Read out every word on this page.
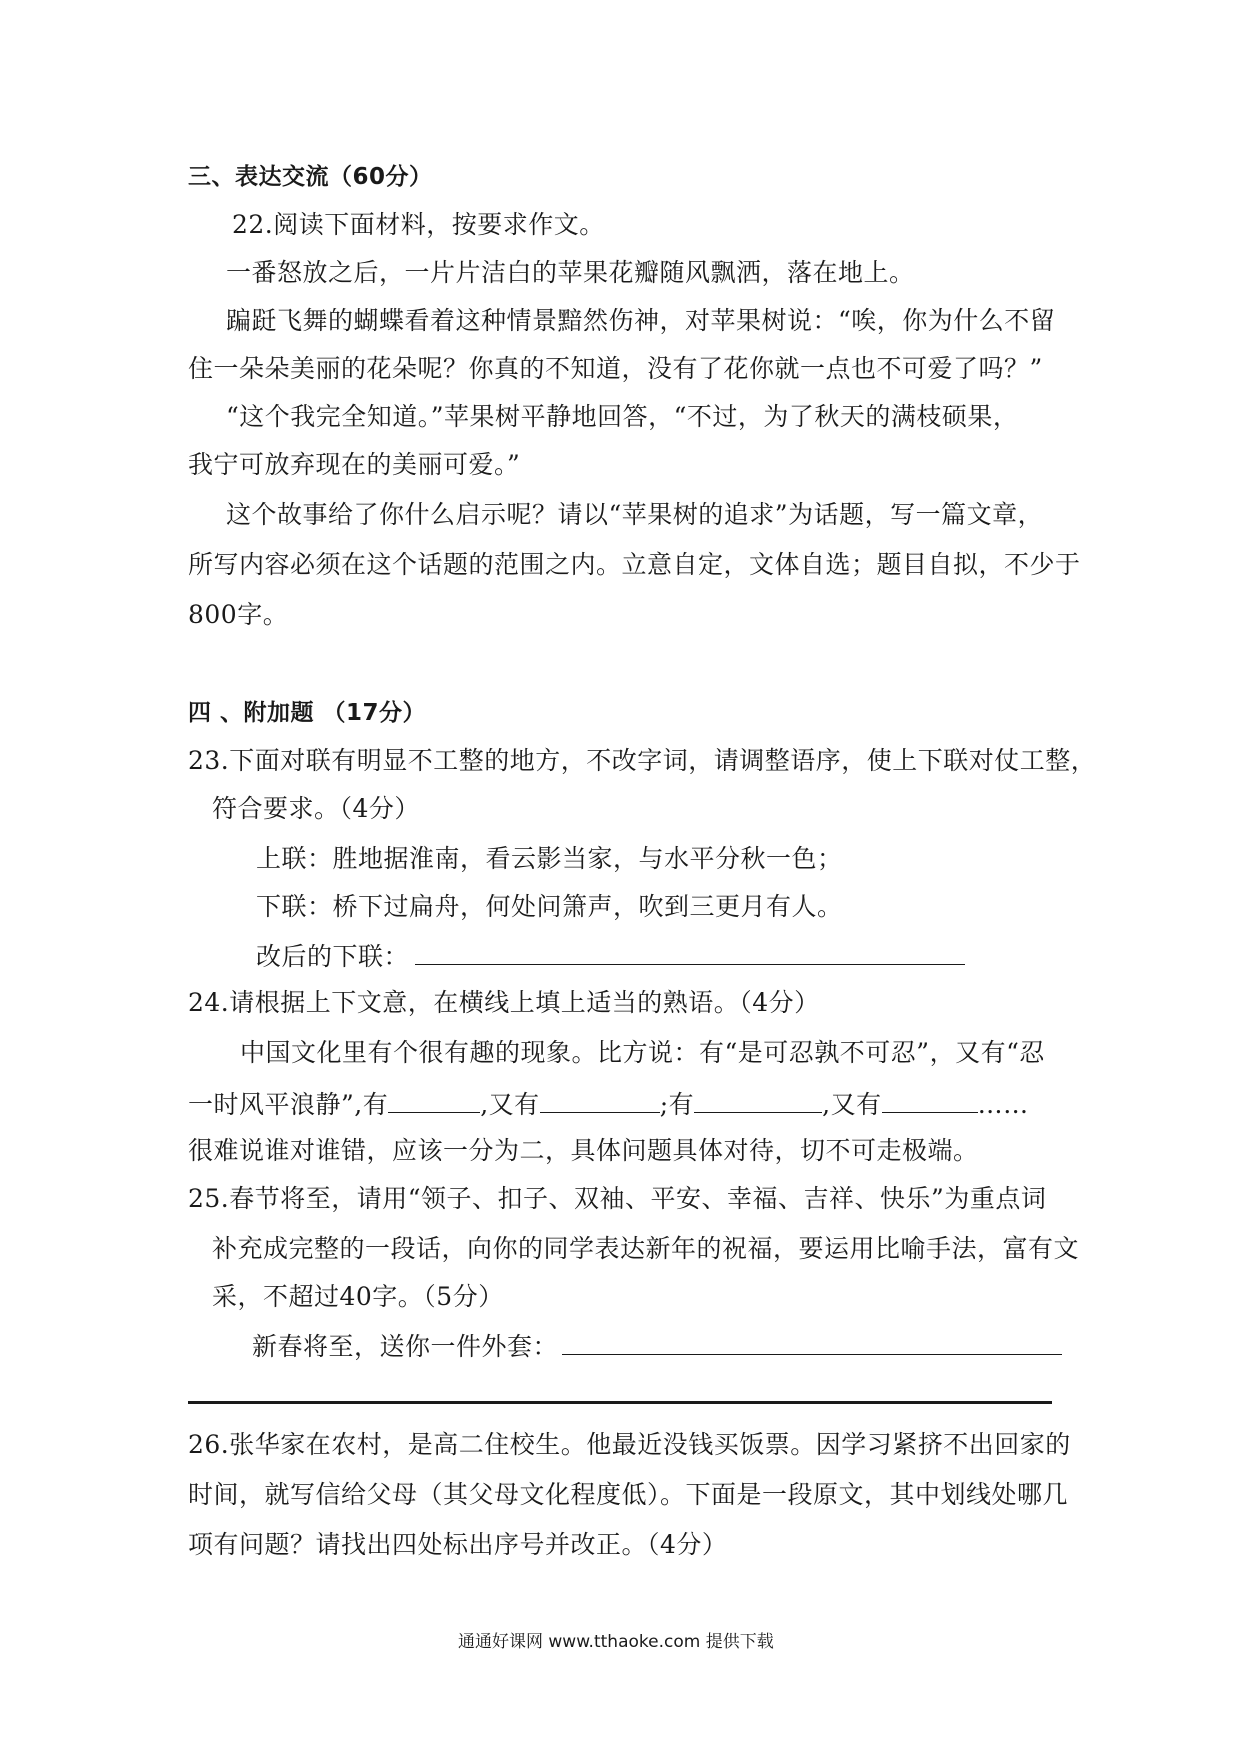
三、表达交流（60分）
22.阅读下面材料，按要求作文。
一番怒放之后，一片片洁白的苹果花瓣随风飘洒，落在地上。
蹁跹飞舞的蝴蝶看着这种情景黯然伤神，对苹果树说：“唉，你为什么不留
住一朵朵美丽的花朵呢？你真的不知道，没有了花你就一点也不可爱了吗？”
“这个我完全知道。”苹果树平静地回答，“不过，为了秋天的满枝硕果，
我宁可放弃现在的美丽可爱。”
这个故事给了你什么启示呢？请以“苹果树的追求”为话题，写一篇文章，
所写内容必须在这个话题的范围之内。立意自定，文体自选；题目自拟，不少于
800字。
四 、附加题 （17分）
23.下面对联有明显不工整的地方，不改字词，请调整语序，使上下联对仗工整，
符合要求。（4分）
上联：胜地据淮南，看云影当家，与水平分秋一色；
下联：桥下过扁舟，何处问箫声，吹到三更月有人。
改后的下联：
24.请根据上下文意，在横线上填上适当的熟语。（4分）
中国文化里有个很有趣的现象。比方说：有“是可忍孰不可忍”，又有“忍
一时风平浪静”,有	,又有	;有	,又有	……
很难说谁对谁错，应该一分为二，具体问题具体对待，切不可走极端。
25.春节将至，请用“领子、扣子、双袖、平安、幸福、吉祥、快乐”为重点词
补充成完整的一段话，向你的同学表达新年的祝福，要运用比喻手法，富有文
采，不超过40字。（5分）
新春将至，送你一件外套：
26.张华家在农村，是高二住校生。他最近没钱买饭票。因学习紧挤不出回家的
时间，就写信给父母（其父母文化程度低）。下面是一段原文，其中划线处哪几
项有问题？请找出四处标出序号并改正。（4分）
通通好课网 www.tthaoke.com 提供下载
